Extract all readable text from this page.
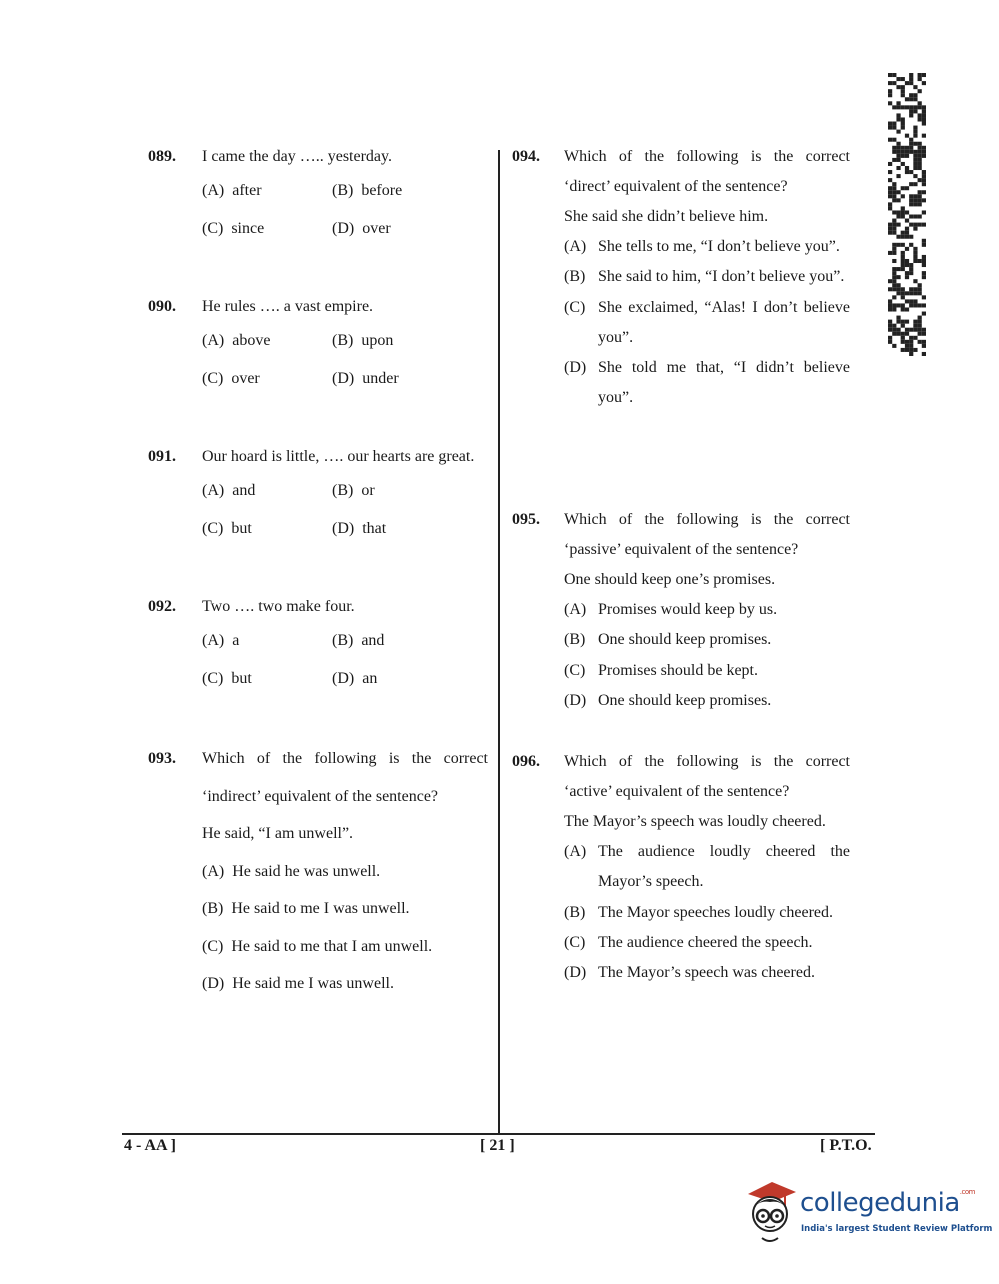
089. I came the day ….. yesterday.
(A) after	(B) before
(C) since	(D) over
090. He rules …. a vast empire.
(A) above	(B) upon
(C) over	(D) under
091. Our hoard is little, …. our hearts are great.
(A) and	(B) or
(C) but	(D) that
092. Two …. two make four.
(A) a	(B) and
(C) but	(D) an
093. Which of the following is the correct ‘indirect’ equivalent of the sentence?
He said, “I am unwell”.
(A) He said he was unwell.
(B) He said to me I was unwell.
(C) He said to me that I am unwell.
(D) He said me I was unwell.
094. Which of the following is the correct ‘direct’ equivalent of the sentence?
She said she didn’t believe him.
(A) She tells to me, “I don’t believe you”.
(B) She said to him, “I don’t believe you”.
(C) She exclaimed, “Alas! I don’t believe you”.
(D) She told me that, “I didn’t believe you”.
095. Which of the following is the correct ‘passive’ equivalent of the sentence?
One should keep one’s promises.
(A) Promises would keep by us.
(B) One should keep promises.
(C) Promises should be kept.
(D) One should keep promises.
096. Which of the following is the correct ‘active’ equivalent of the sentence?
The Mayor’s speech was loudly cheered.
(A) The audience loudly cheered the Mayor’s speech.
(B) The Mayor speeches loudly cheered.
(C) The audience cheered the speech.
(D) The Mayor’s speech was cheered.
4 - AA ]	[ 21 ]	[ P.T.O.
collegedunia$^{.com}$
India's largest Student Review Platform
